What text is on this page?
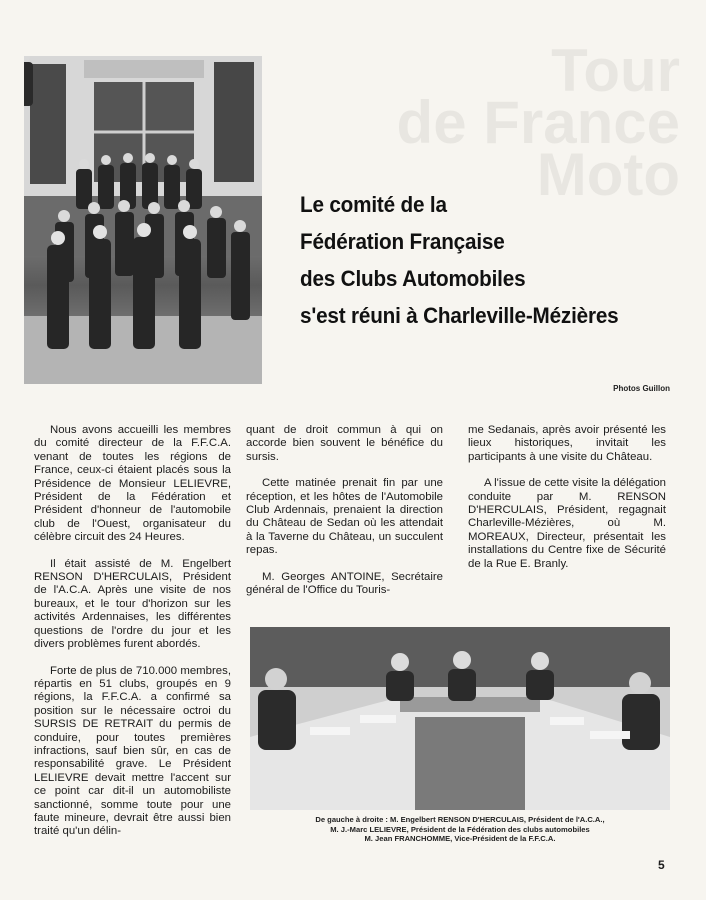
Tour
de France
Moto
Le comité de la
Fédération Française
des Clubs Automobiles
s'est réuni à Charleville-Mézières
Photos Guillon

Nous avons accueilli les membres du comité directeur de la F.F.C.A. venant de toutes les régions de France, ceux-ci étaient placés sous la Présidence de Monsieur LELIEVRE, Président de la Fédération et Président d'honneur de l'automobile club de l'Ouest, organisateur du célèbre circuit des 24 Heures.

Il était assisté de M. Engelbert RENSON D'HERCULAIS, Président de l'A.C.A. Après une visite de nos bureaux, et le tour d'horizon sur les activités Ardennaises, les différentes questions de l'ordre du jour et les divers problèmes furent abordés.

Forte de plus de 710.000 membres, répartis en 51 clubs, groupés en 9 régions, la F.F.C.A. a confirmé sa position sur le nécessaire octroi du SURSIS DE RETRAIT du permis de conduire, pour toutes premières infractions, sauf bien sûr, en cas de responsabilité grave. Le Président LELIEVRE devait mettre l'accent sur ce point car dit-il un automobiliste sanctionné, somme toute pour une faute mineure, devrait être aussi bien traité qu'un délin-

quant de droit commun à qui on accorde bien souvent le bénéfice du sursis.

Cette matinée prenait fin par une réception, et les hôtes de l'Automobile Club Ardennais, prenaient la direction du Château de Sedan où les attendait à la Taverne du Château, un succulent repas.

M. Georges ANTOINE, Secrétaire général de l'Office du Touris-

me Sedanais, après avoir présenté les lieux historiques, invitait les participants à une visite du Château.

A l'issue de cette visite la délégation conduite par M. RENSON D'HERCULAIS, Président, regagnait Charleville-Mézières, où M. MOREAUX, Directeur, présentait les installations du Centre fixe de Sécurité de la Rue E. Branly.

De gauche à droite : M. Engelbert RENSON D'HERCULAIS, Président de l'A.C.A.,
M. J.-Marc LELIEVRE, Président de la Fédération des clubs automobiles
M. Jean FRANCHOMME, Vice-Président de la F.F.C.A.
5
